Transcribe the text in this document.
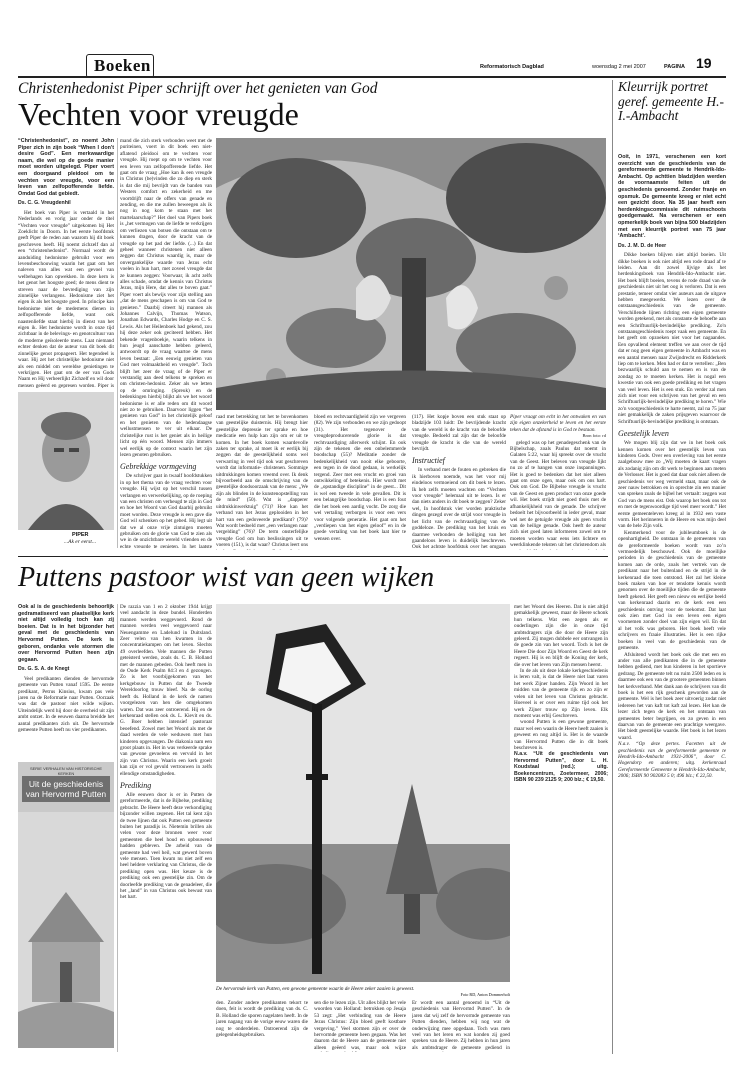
Boeken	Reformatorisch Dagblad	woensdag 2 mei 2007	PAGINA 19
Christenhedonist Piper schrijft over het genieten van God
Vechten voor vreugde

“Christenhedonist”, zo noemt John Piper zich in zijn boek “When I don't desire God”. Een merkwaardige naam, die wel op de goede manier moet worden uitgelegd. Piper voert een doorgaand pleidooi om te vechten voor vreugde, voor een leven van zelfopofferende liefde. Omdat God dat gebiedt.

Ds. C. G. Vreugdenhil

Het boek van Piper is vertaald in het Nederlands en vorig jaar onder de titel “Vechten voor vreugde” uitgekomen bij Het Zoeklicht in Doorn. In het eerste hoofdstuk geeft Piper de reden aan waarom hij dit boek geschreven heeft. Hij noemt zichzelf dan al een “christenhedonist”. Normaal wordt de aanduiding hedonisme gebruikt voor een levensbeschouwing waarin het gaat om het naleven van alles wat een gevoel van welbehagen kan opwekken. In deze kern is het genot het hoogste goed; de mens dient te streven naar de bevrediging van zijn zinnelijke verlangens. Hedonisme ziet het eigen ik als het hoogste goed. In principe kan hedonisme niet de medemens dienen in zelfopofferende liefde, want ook naastenliefde staat hierbij in dienst van het eigen ik. Het hedonisme wordt in onze tijd zichtbaar in de belevings- en genotcultuur van de moderne geïsoleerde mens. Laat niemand echter denken dat de auteur van dit boek dit zinnelijke genot propageert. Het tegendeel is waar. Hij zet het christelijke hedonisme niet als een middel om wereldse genietingen te verkrijgen. Het gaat om de eer van Gods Naam en Hij verheerlijkt Zichzelf en wil door mensen geëerd en gepresen worden. Piper is

PIPER
...Ak er eerst...

mand die zich sterk verbonden weet met de puriteinen, voert in dit boek een niet-aflatend pleidooi om te vechten voor vreugde. Hij roept op om te vechten voor een leven van zelfopofferende liefde. Het gaat om de vraag „Hoe kan ik een vreugde in Christus (be)vinden die zo diep en sterk is dat die mij bevrijdt van de banden van Westers comfort en zekerheid en me voortdrijft naar de offers van genade en zending, en die me zullen beweegen als ik nog in nog kom te staan met het martelaarschap?” Het doel van Pipers boek is „het vermogen van de liefde te verkrijgen om verliezen van botsen die ontstaan om te kunnen dragen, door de kracht van de vreugde op het pad der liefde. (...) En dat geheel wanneer christenen niet alleen zeggen dat Christus waardig is, maar de onvergankelijke waarde van Jezus echt voelen in hun hart, met zoveel vreugde dat ze kunnen zeggen: Voorwaar, ik acht zelfs alles schade, omdat de kennis van Christus Jezus, mijn Here, dat alles te boven gaat.” Piper voert als bewijs voor zijn stelling aan „dat de mens geschapen is om van God te genieten.” Daarbij citeert hij mannen als Johannes Calvijn, Thomas Watson, Jonathan Edwards, Charles Hodge en C. S. Lewis. Als het Heilenboek had gekend, zou hij deze zeker ook geciteerd hebben. Het bekende vragenboekje, waarin telkens in hun jeugd aanschatte hebben geleerd, antwoordt op de vraag waartoe de mens leven bestaat: „Een eeuwig genieten van God met volmaaktheid en vreugde”. Toch blijft het zeer de vraag of de Piper er verstandig aan deed telkens te spreken en om christen-hedonist. Zeker als we letten op de omringing. (Spreuk) en de bedenkingen hierbij blijkt als we het woord hedonisme is er alle reden om dit woord niet zo te gebruiken. Daarvoor liggen “het genieten van God” in het christelijk geloof en het genieten van de hedendaagse wellustmensen te ver uit elkaar. De christelijke rust is het geniet als in heilige licht op één woord. Mensen zijn immers wel eerlijk op de context waarin het zijn lezen genoten gebruiken.

Gebrekkige vormgeving

De schrijver gaat in twaalf hoofdstukken in op het thema van de vraag vechten voor vreugde. Hij wijst op het verschil tussen verlangen en verwerkelijking, op de roeping van een christen om verheugd te zijn in God en hoe het Woord van God daarbij gebruikt moet worden. Deze vreugde is een gave die God wil schenken op het gebed. Hij legt uit dat we al onze vrije zintuigen moeten gebruiken om de glorie van God te zien als we in de onzichtbare wereld vrienden en de echte vreugde te genieten. In het laatste

raad met betrekking tot het te bovenkomen van geestelijke duisternis. Hij brengt hier geestelijke depressie ter sprake en hoe medicatie een hulp kan zijn om er uit te komen. In het boek komen waardevolle zaken ter sprake, al moet ik er eerlijk bij zeggen dat de geestelijkheid soms wel verwarring in veel tijd ook wat geschreven wordt dat informatie- christenen. Sommige uitdrukkingen komen vreemd over. Ik denk bijvoorbeeld aan de omschrijving van de geestelijke doodsoorzaak van de mens: „We zijn als blinden in de kunstenopstelling van de mind” (50). Wat is „dapperer uitdrukkinwerktuig” (71)? Hoe kan het verband van het Jezus geplooiden in het hart van een gedoveerde predikant? (79)? Wat wordt bedoeld met „een verlangen naar vergelding” (76)? De term onsterfelijke vreugde God om hun beslissingen uit te voeren (151), is dat waar? Christus leert ons

bloed en rechtvaardigheid zijn we vergeven (82). We zijn verbonden en we zijn gedoopt (31). Het tegenover de vreugdeproducerende glorie is dat rechtvaardiging allerwerk schijnt. En ook zijn de tekenen die een onbelemmerde boodschap (55)? Meditatie zonder de bedenkelijkheid van nooit elke geboorte, een tegen in de dood gedaan, is werkelijk tergend. Zeer met een vrucht en groei van ontwikkeling of betekenis. Hier wordt met de „opstandige discipline” in de geest... Dit is wel een tweede in vele gevallen. Dit is een belangrijke boodschap. Het is een fout die het boek een aardig vocht. De zorg die wel vertaling verborgen is voor een vers voor volgende generatie. Het gaat om het „verdiepen van het eigen geloof” en in de goede vertaling van het boek laat hier te wensen over.

(117). Het kopje boven een stuk staat op bladzijde 103 luidt: De bevrijdende kracht van de wereld is de kracht van de beloofde vreugde. Bedoeld zal zijn dat de beloofde vreugde de kracht is die van de wereld bevrijdt.

Instructief

In verband met de fouten en gebreken die ik hierboven noemde, was het voor mij eindeloos vermoeiend om dit boek te lezen. Ik heb zelfs moeten wachten om “Vechten voor vreugde” helemaal uit te lezen. Is er dan niets anders in dit boek te zeggen? Zeker wel, In hoofdstuk vier worden praktische dingen gezegd over de strijd voor vreugde in het licht van de rechtvaardiging van de goddeloze. De prediking van het kruis en daarmee verbonden de heiliging van het gaandeloos leven is duidelijk beschreven. Ook het achtste hoofdstuk over het omgaan

Piper vraagt om echt in het ontwaken en van zijn eigen onzekerheid te leven en het eerste teken dat de afstand is in God te bestaan.

Bron foto: rd

gelegd was op het genadegeschenk van de Bijbelschap, zoals Paulus dat noemt in Galaten 5:22, waar hij spreekt over de vrucht van de Geest. Het beleven van vreugde lijkt nu zo af te hangen van onze inspanningen. Het is goed te bedenken dat het niet alleen gaat om onze ogen, maar ook om ons hart. Ook om God. De Bijbelse vreugde is vrucht van de Geest en geen product van onze goede wil. Het boek strijdt niet goed thuis met de afhankelijkheid van de genade. De schrijver bedoelt het bijvoorbeeld in ieder geval, maar wel net de getuigde vreugde als geen vrucht van de heilige genade. Ook heeft de auteur zich niet goed laten informeren zowel om te moeten worden waar eens iets lichtere en weerklinkende teksten uit het christendom als

Kleurrijk portret geref. gemeente H.-I.-Ambacht

Ooit, in 1971, verschenen een kort overzicht van de geschiedenis van de gereformeerde gemeente te Hendrik-Ido-Ambacht. Op achttien bladzijden werden de voornaamste feiten uit de geschiedenis genoemd. Zonder franje en opsmuk. De gemeente kreeg er niet echt een gezicht door. Na 35 jaar heeft een herdenkingscommissie dit ruimschoots goedgemaakt. Na verschenen er een opmerkelijk boek van bijna 500 bladzijden met een kleurrijk portret van 75 jaar ‘Ambacht’.

Ds. J. M. D. de Heer

Dikke boeken blijven niet altijd boeien. Uit dikke boeken is ook niet altijd een rode draad af te leiden. Aan dit zowel lijvige als het herdenkingsboek van Hendrik-Ido-Ambacht niet. Het boek blijft boeien, tevens de rode draad van de geschiedenis niet uit het oog is verloren. Dat is een prestatie, temeer omdat vier auteurs aan de uitgave hebben meegewerkt. We lezen over de ontstaansgeschiedenis van de gemeente. Verschillende lijnen richting een eigen gemeente worden getekend, met als constante de behoefte aan een Schriftuurlijk-bevindelijke prediking. Zo'n ontstaansgeschiedenis roept vaak een gemeente. En het geeft om opzoeken niet voor het nagaandes. Een opvallend element treffen we aan over de tijd dat er nog geen eigen gemeente in Ambacht was en een aantal mensen naar Zwijndrecht en Ridderkerk liep om te kerken. Men had er dat te vertellen: „Ben bezwaarlijk schuld aan te nemen en is van de zondag zo te moeten kerken. Het is nogal een kwestie van ook een goede prediking en het vragen van veel leven. Het is een stuk. En verder zal men zich niet voor een schrijven van het geval en een Schriftuurlijk-bevindelijke prediking te horen.” Wie zo'n voorgeschiedenis te harte neemt, zal na 75 jaar niet gemakkelijk de zaken prijsgeven waarvoor de Schriftuurlijk-bevindelijke prediking is ontstaan.

Geestelijk leven

We mogen blij zijn dat we in het boek ook kennen komen over het geestelijk leven van kinderen Gods. Over een overleving van het eerste zaalgebouw mee zo „Wij moeten de kaart vragen als zodanig zijn om dit werk te beginnen aan meten de Verlosser. Het is goed dat daar ook niet alleen de geschiedenis ver weg vermeld staat, maar ook de zeer nauw betrokken en in oprechte zin een manier van spreken zoals de bijbel het vertaalt: zeggen wat God van de mens eist. Ook waarop het boek ons tot en met de tegenwoordige tijd veel meer wordt.” Het eerste gemeenteleven kreeg al in 1932 een vaste vorm. Het herinneren in de Heere en was mijn deel van de hele Zijn volk.

Kenmerkend voor de jubileumboek is de openhartigheid. De ontstaan in de gemeenten van de gereformeerde boeken wordt van zo’n vermoedelijk beschouwd. Ook de moeilijke perioden in de geschiedenis van de gemeente komen aan de orde, zoals het vertrek van de predikant naar het buitenland en de strijd in de kerkenraad die toen ontstond. Het zal het kleine boek maken van hoe er tenslotte kennis wordt genomen over de moeilijke tijden die de gemeente heeft gekend. Het geeft een nieuw en eerlijke beeld van kerkenraad daarin en de kerk een een geschiedenis ontving voor de toekomst. Dat laat ook zien met God in een leven een eigen voornemen zonder doel van zijn eigen wil. En dat al het volk was geboren. Het boek heeft vele schrijvers en fraaie illustraties. Het is een rijke boeken in veel van de geschiedenis van de gemeente.

Afsluitend wordt het boek ook die met een en ander van alle predikanten die in de gemeente hebben gediend, met hun kinderen in het sportieve gedrang. De gemeente telt nu ruim 2500 leden en is daarmee ook een van de grootere gemeenten binnen het kerkverband. Met dank aan de schrijvers van dit boek is het een rijk geschenk geworden aan de gemeente. Wel is het boek zeer uitvoerig zodat niet iedereen het van kaft tot kaft zal lezen. Het kan de lezer zich tegen de kerk en het ontstaan van gemeentes beter begrijpen, en zo geven in een daarvan van de gemeente een prachtige weergave. Het biedt geestelijke waarde. Het boek is het lezen waard.

N.a.v. “Op deze pertes. Facetten uit de geschiedenis van de gereformeerde gemeente te Hendrik-Ido-Ambacht 1931-2006”, door C. Hogendorp en anderen; uitg. kerkenraad Gereformeerde Gemeente te Hendrik-Ido-Ambacht, 2006; ISBN 90 902083 5 0; 496 blz.; € 22,50.

Puttens pastoor wist van geen wijken

Ook al is de geschiedenis behoorlijk gedramatiseerd van plaatselijke kerk niet altijd volledig toch kan zij boeien. Dat is in het bijzonder het geval met de geschiedenis van Hervormd Putten. De kerk is geboren, ondanks vele stormen die over Hervormd Putten heen zijn gegaan.

Ds. G. S. A. de Knegt

Veel predikanten dienden de hervormde gemeente van Putten vanaf 1595. De eerste predikant, Petrus Kinsius, kwam pas vele jaren na de Reformatie naar Putten. Oorzaak was dat de pastoor niet wilde wijken. Uiteindelijk werd hij door de overheid uit zijn ambt ontzet. In de eeuwen daarna breidde het aantal predikanten zich uit. De hervormde gemeente Putten heeft nu vier predikanten.

SERIE VERHALEN VAN HISTORISCHE KERKEN
Uit de geschiedenis van Hervormd Putten

De razzia van 1 en 2 oktober 1944 krijgt veel aandacht in deze bundel. Honderden mannen werden weggevoerd. Rond de mannen werden veel weggevoerd naar Neuengamme en Ladelund in Duitsland. Zeer velen van hen kwamen in de concentratiekampen om het leven. Slechts 49 overleefden. Vele mannen die Putten geteisterd werden, zoals ds. C. B. Holland met de mannen gebeden. Ook heeft men in de Oude Kerk Psalm 84:3 en 4 gezongen. Zo is het voorbijgekomen van het kerkgebouw in Putten dat de Tweede Wereldoorlog trouw bleef. Na de oorlog heeft ds. Holland in de kerk de namen voorgelezen van hen die omgekomen waren. Dat was zeer ontroerend. Hij en de kerkenraad stellen ook ds. L. Kievit en ds. G. Boer hebben intensief pastoraat beoefend. Zowel met het Woord als met de daad werden de vele weduwen met hun kinderen opgevangen. De diakonia nam een groot plaats in. Het in was verkeerde sprake van gewone gevoelens en vervuld in het zijn van Christus. Waarin een kerk groeit kan zijn er vol gevuld vertrouwen in zelfs ellendige omstandigheden.

Prediking

Alle eeuwen door is er in Putten de gereformeerde, dat is de Bijbelse, prediking gebracht. De Heere heeft deze verkondiging bijzonder willen zegenen. Het tal kent zijn de twee lijnen dat ook Putten een gemeente buiten het paradijs is. Nietemin brillen als velen voor deze bronnen weer voor gemeenten die heel houd en opbouwend hadden gebleven. De arbeid van de gemeente had veel heil, wat gewerd boven vele mensen. Toen kwam nu niet zelf een heel heldere verklaring van Christus, die de prediking open was. Het keuze is de prediking ook een geestelijke zin. Om de doorleefde prediking van de genadeleer, die het „land” in van Christus ook bewust van het hart.

De hervormde kerk van Putten, een gewone gemeente waarin de Heere zeker zaaien is geweest.
Foto RD, Anton Dommerholt

den. Zonder andere predikanten tekort te doen, feit is wordt de prediking van ds. C. B. Holland die sporen nagelaten heeft. In de jaren nagang van de vorige eeuw waren die nog te onderdelen. Ontroerend zijn de gelegenheidsgebruiken.

sen die te lezen zijn. Uit alles blijkt het vele woorden van Holland: betrokken op Jesaja 53 zegt: „Het verbinding van de Heere Jezus Christus: Zijn bloed geeft kostbare vergeving.” Veel stormen zijn er over de hervormde gemeente heen gegaan. Was het daarom dat de Heere aan de gemeente niet alleen geëerd was, maar ook wijze

Er wordt een aantal genoemd in “Uit de geschiedenis van Hervormd Putten”. In de jaren dat wij zelf de hervormde gemeente van Putten dienden, hebben wij nog wat de onderwijzing mee opgedaan. Toch was men veel van het leren en wat konden zij goed spreken van de Heere. Zij hebben in hun jaren als ambtsdrager de gemeente gediend in

met het Woord des Heeren. Dat is niet altijd gemakkelijk geweest, maar de Heere schonk hun telkens. Wat een zegen als er ouderlingen zijn die in onze tijd ambtsdragers zijn die door de Heere zijn geleerd. Zij mogen dubbele eer ontvangen in de goede zin van het woord. Toch is het de Heere Die door Zijn Woord en Geest de kerk regeert. Hij is en blijft de Koning der kerk, die over het leven van Zijn mensen heerst.

In de als uit deze lokale kerkgeschiedenis is leren valt, is dat de Heere niet laat varen het werk Zijner handen. Zijn Woord in het midden van de gemeente rijk en zo zijn er velen uit het leven van Christus gebracht. Hoeveel is er over een ruime tijd ook het werk Zijner trouw op Zijn leven. Elk moment was erbij Geschreven.

woond Putten is een gewone gemeente, maar wel een waarin de Heere heeft zaaien is geweest en nog altijd is. Het is de waarde van Hervormd Putten die in dit boek beschreven is.

N.a.v. “Uit de geschiedenis van Hervormd Putten”, door L. H. Koudstaal (red.); uitg. Boekencentrum, Zoetermeer, 2006; ISBN 90 239 2125 9; 200 blz.; € 19,50.
